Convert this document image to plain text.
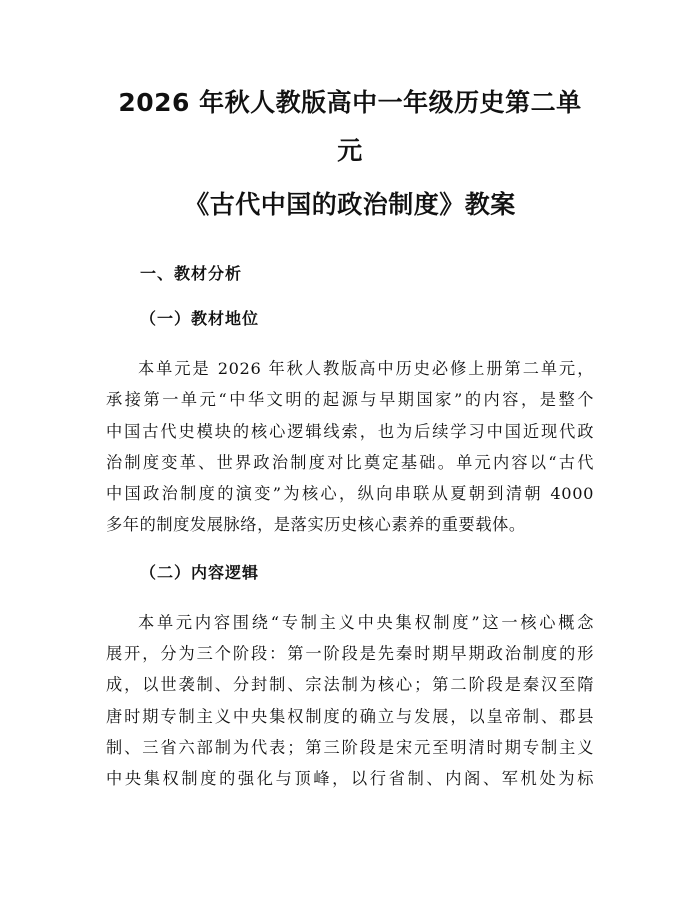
2026 年秋人教版高中一年级历史第二单元
《古代中国的政治制度》教案
一、教材分析
（一）教材地位

本单元是 2026 年秋人教版高中历史必修上册第二单元，
承接第一单元“中华文明的起源与早期国家”的内容，是整个
中国古代史模块的核心逻辑线索，也为后续学习中国近现代政
治制度变革、世界政治制度对比奠定基础。单元内容以“古代
中国政治制度的演变”为核心，纵向串联从夏朝到清朝 4000
多年的制度发展脉络，是落实历史核心素养的重要载体。

（二）内容逻辑

本单元内容围绕“专制主义中央集权制度”这一核心概念
展开，分为三个阶段：第一阶段是先秦时期早期政治制度的形
成，以世袭制、分封制、宗法制为核心；第二阶段是秦汉至隋
唐时期专制主义中央集权制度的确立与发展，以皇帝制、郡县
制、三省六部制为代表；第三阶段是宋元至明清时期专制主义
中央集权制度的强化与顶峰，以行省制、内阁、军机处为标
